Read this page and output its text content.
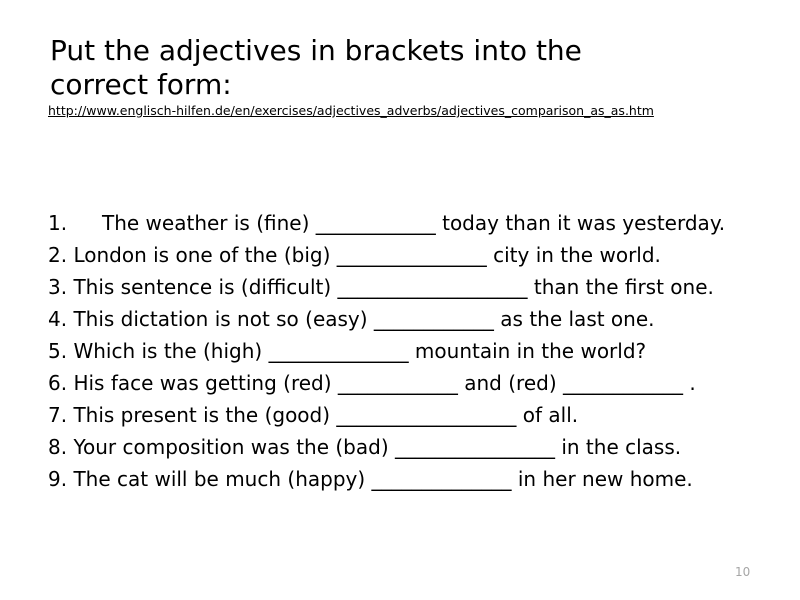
Put the adjectives in brackets into the
correct form:
http://www.englisch-hilfen.de/en/exercises/adjectives_adverbs/adjectives_comparison_as_as.htm
1. The weather is (fine) ____________ today than it was yesterday.
2. London is one of the (big) _______________ city in the world.
3. This sentence is (difficult) ___________________ than the first one.
4. This dictation is not so (easy) ____________ as the last one.
5. Which is the (high) ______________ mountain in the world?
6. His face was getting (red) ____________ and (red) ____________ .
7. This present is the (good) __________________ of all.
8. Your composition was the (bad) ________________ in the class.
9. The cat will be much (happy) ______________ in her new home.
10
